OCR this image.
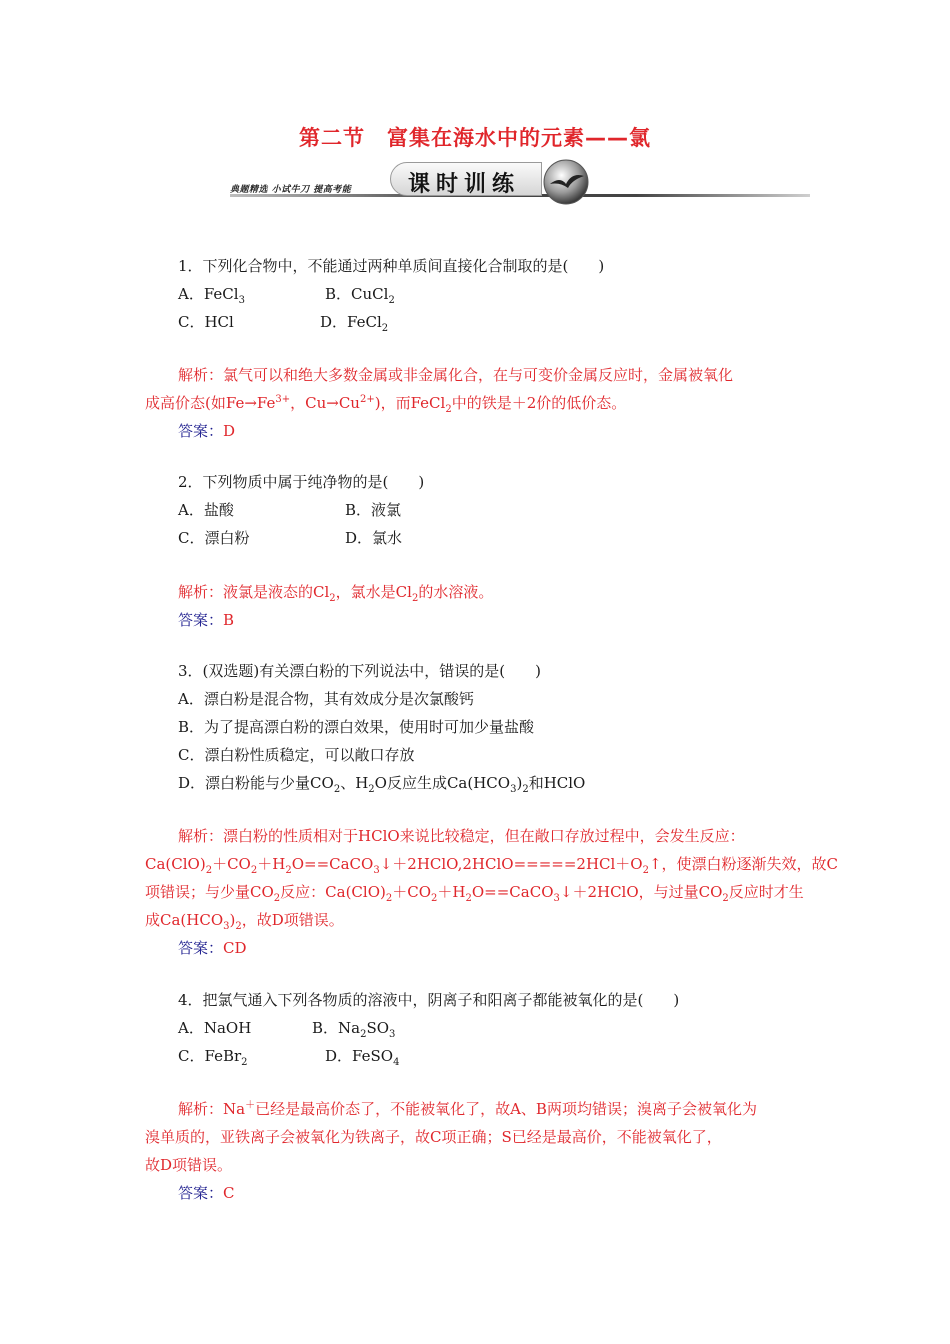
第二节　富集在海水中的元素——氯
典题精选 小试牛刀 提高考能	课时训练
1．下列化合物中，不能通过两种单质间直接化合制取的是(　　)
A．FeCl$_3$	B．CuCl$_2$
C．HCl	D．FeCl$_2$
解析：氯气可以和绝大多数金属或非金属化合，在与可变价金属反应时，金属被氧化
成高价态(如$Fe\to Fe^{3+}$，$Cu\to Cu^{2+}$)，而FeCl$_2$中的铁是＋2价的低价态。
答案：D
2．下列物质中属于纯净物的是(　　)
A．盐酸	B．液氯
C．漂白粉	D．氯水
解析：液氯是液态的$Cl_2$，氯水是$Cl_2$的水溶液。
答案：B
3．(双选题)有关漂白粉的下列说法中，错误的是(　　)
A．漂白粉是混合物，其有效成分是次氯酸钙
B．为了提高漂白粉的漂白效果，使用时可加少量盐酸
C．漂白粉性质稳定，可以敞口存放
D．漂白粉能与少量$CO_2$、$H_2O$反应生成$Ca(HCO_3)_2$和HClO
解析：漂白粉的性质相对于HClO来说比较稳定，但在敞口存放过程中，会发生反应：
$Ca(ClO)_2+CO_2+H_2O==CaCO_3↓+2HClO,2HClO=====2HCl+O_2↑$，使漂白粉逐渐失效，故C
项错误；与少量$CO_2$反应：$Ca(ClO)_2+CO_2+H_2O==CaCO_3↓+2HClO$，与过量$CO_2$反应时才生
成$Ca(HCO_3)_2$，故D项错误。
答案：CD
4．把氯气通入下列各物质的溶液中，阴离子和阳离子都能被氧化的是(　　)
A．NaOH	B．$Na_2SO_3$
C．FeBr$_2$	D．FeSO$_4$
解析：Na＋已经是最高价态了，不能被氧化了，故A、B两项均错误；溴离子会被氧化为
溴单质的，亚铁离子会被氧化为铁离子，故C项正确；S已经是最高价，不能被氧化了，
故D项错误。
答案：C
